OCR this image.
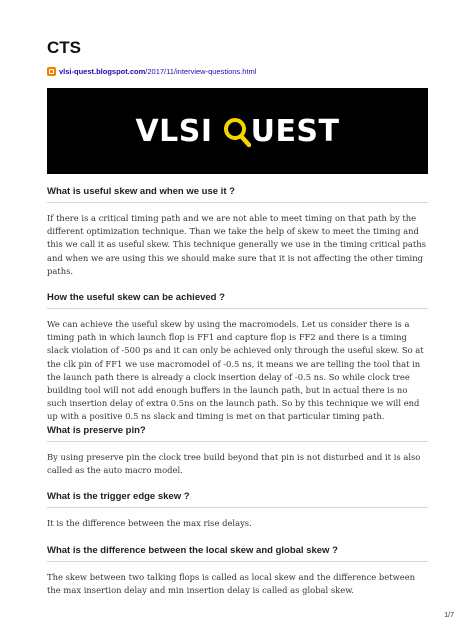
CTS
vlsi-quest.blogspot.com /2017/11/interview-questions.html
VLSI UEST
What is useful skew and when we use it ?
If there is a critical timing path and we are not able to meet timing on that path by the different optimization technique. Than we take the help of skew to meet the timing and this we call it as useful skew. This technique generally we use in the timing critical paths and when we are using this we should make sure that it is not affecting the other timing paths.
How the useful skew can be achieved ?
We can achieve the useful skew by using the macromodels. Let us consider there is a timing path in which launch flop is FF1 and capture flop is FF2 and there is a timing slack violation of -500 ps and it can only be achieved only through the useful skew. So at the clk pin of FF1 we use macromodel of -0.5 ns, it means we are telling the tool that in the launch path there is already a clock insertion delay of -0.5 ns. So while clock tree building tool will not add enough buffers in the launch path, but in actual there is no such insertion delay of extra 0.5ns on the launch path. So by this technique we will end up with a positive 0.5 ns slack and timing is met on that particular timing path.
What is preserve pin?
By using preserve pin the clock tree build beyond that pin is not disturbed and it is also called as the auto macro model.
What is the trigger edge skew ?
It is the difference between the max rise delays.
What is the difference between the local skew and global skew ?
The skew between two talking flops is called as local skew and the difference between the max insertion delay and min insertion delay is called as global skew.
1/7
